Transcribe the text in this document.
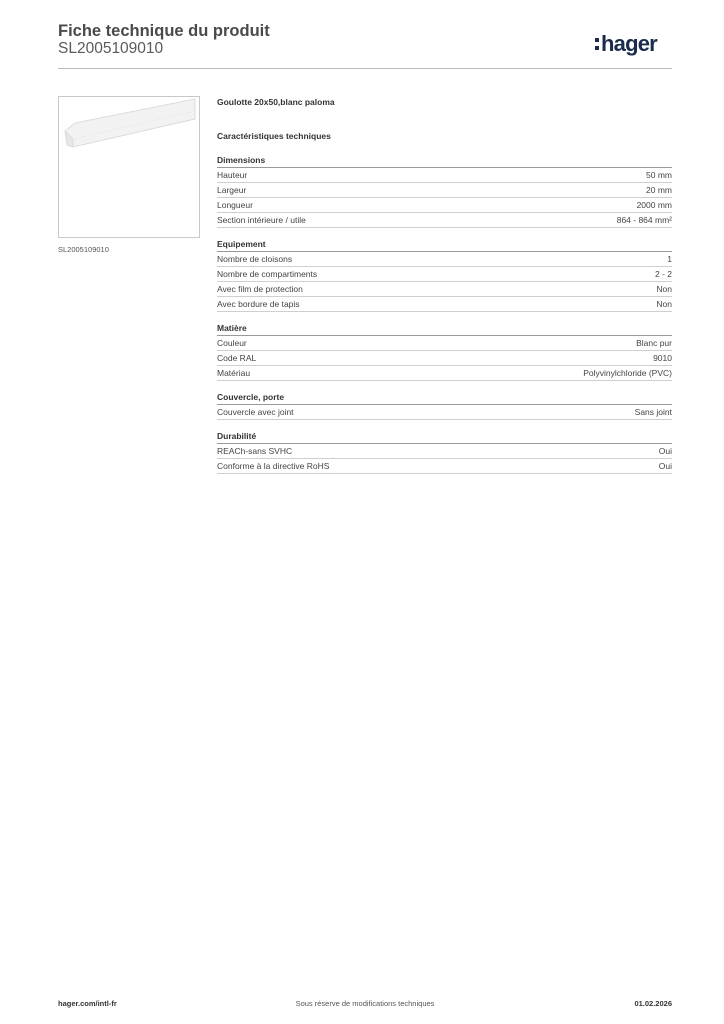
Fiche technique du produit
SL2005109010	hager
SL2005109010
Goulotte 20x50,blanc paloma
Caractéristiques techniques
Dimensions
Hauteur	50 mm
Largeur	20 mm
Longueur	2000 mm
Section intérieure / utile	864 - 864 mm²
Equipement
Nombre de cloisons	1
Nombre de compartiments	2 - 2
Avec film de protection	Non
Avec bordure de tapis	Non
Matière
Couleur	Blanc pur
Code RAL	9010
Matériau	Polyvinylchloride (PVC)
Couvercle, porte
Couvercle avec joint	Sans joint
Durabilité
REACh-sans SVHC	Oui
Conforme à la directive RoHS	Oui
hager.com/intl-fr	Sous réserve de modifications techniques	01.02.2026
